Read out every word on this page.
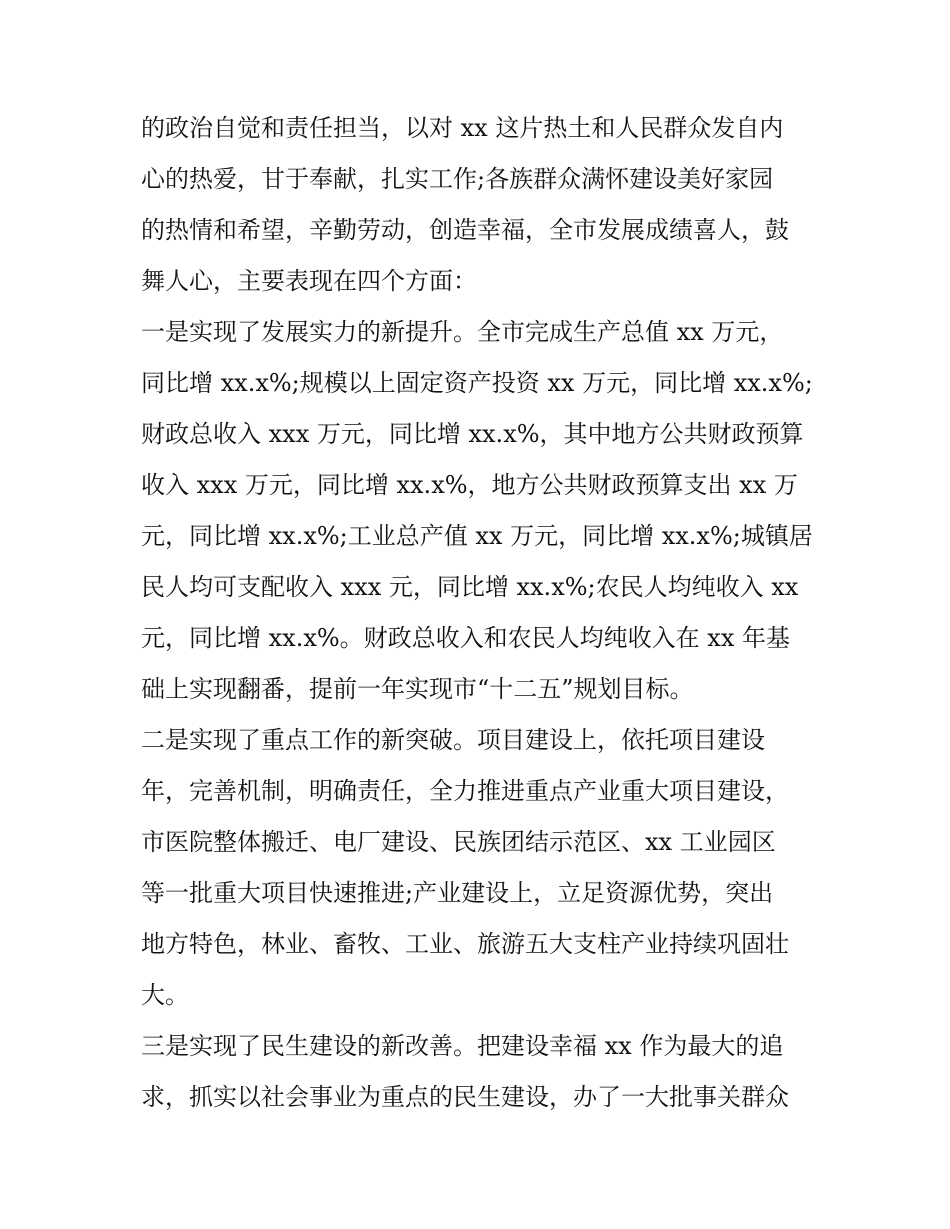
的政治自觉和责任担当，以对 xx 这片热土和人民群众发自内
心的热爱，甘于奉献，扎实工作;各族群众满怀建设美好家园
的热情和希望，辛勤劳动，创造幸福，全市发展成绩喜人，鼓
舞人心，主要表现在四个方面：
一是实现了发展实力的新提升。全市完成生产总值 xx 万元，
同比增 xx.x%;规模以上固定资产投资 xx 万元，同比增 xx.x%;
财政总收入 xxx 万元，同比增 xx.x%，其中地方公共财政预算
收入 xxx 万元，同比增 xx.x%，地方公共财政预算支出 xx 万
元，同比增 xx.x%;工业总产值 xx 万元，同比增 xx.x%;城镇居
民人均可支配收入 xxx 元，同比增 xx.x%;农民人均纯收入 xx
元，同比增 xx.x%。财政总收入和农民人均纯收入在 xx 年基
础上实现翻番，提前一年实现市“十二五”规划目标。
二是实现了重点工作的新突破。项目建设上，依托项目建设
年，完善机制，明确责任，全力推进重点产业重大项目建设，
市医院整体搬迁、电厂建设、民族团结示范区、xx 工业园区
等一批重大项目快速推进;产业建设上，立足资源优势，突出
地方特色，林业、畜牧、工业、旅游五大支柱产业持续巩固壮
大。
三是实现了民生建设的新改善。把建设幸福 xx 作为最大的追
求，抓实以社会事业为重点的民生建设，办了一大批事关群众
